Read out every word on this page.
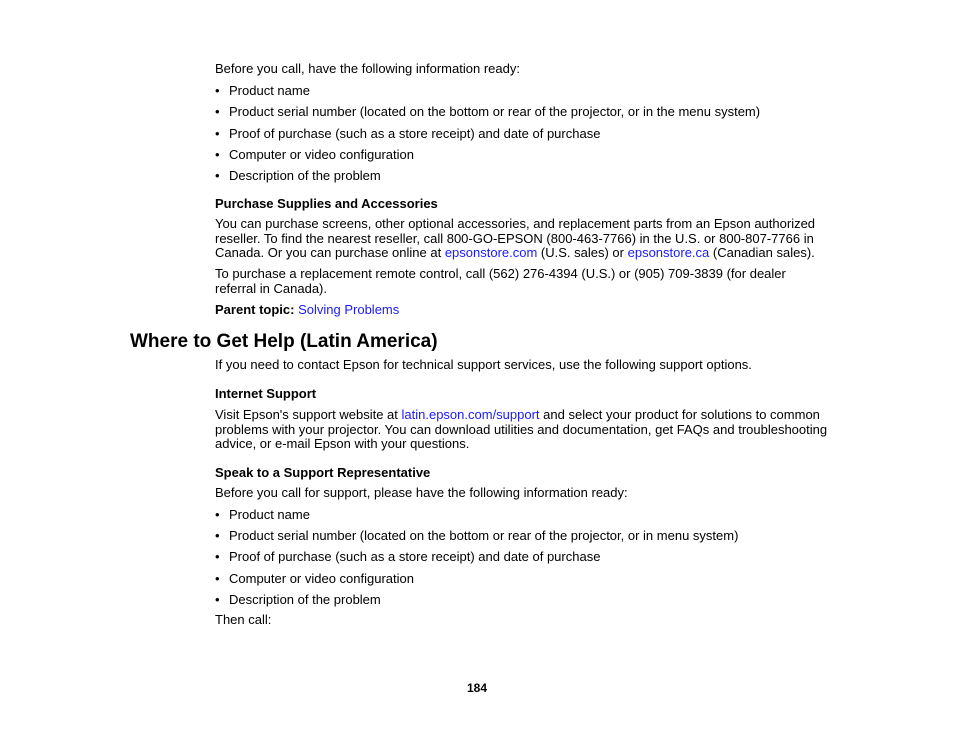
Before you call, have the following information ready:

• Product name
• Product serial number (located on the bottom or rear of the projector, or in the menu system)
• Proof of purchase (such as a store receipt) and date of purchase
• Computer or video configuration
• Description of the problem
Purchase Supplies and Accessories

You can purchase screens, other optional accessories, and replacement parts from an Epson authorized reseller. To find the nearest reseller, call 800-GO-EPSON (800-463-7766) in the U.S. or 800-807-7766 in Canada. Or you can purchase online at epsonstore.com (U.S. sales) or epsonstore.ca (Canadian sales).

To purchase a replacement remote control, call (562) 276-4394 (U.S.) or (905) 709-3839 (for dealer referral in Canada).

Parent topic: Solving Problems

Where to Get Help (Latin America)

If you need to contact Epson for technical support services, use the following support options.

Internet Support

Visit Epson's support website at latin.epson.com/support and select your product for solutions to common problems with your projector. You can download utilities and documentation, get FAQs and troubleshooting advice, or e-mail Epson with your questions.

Speak to a Support Representative

Before you call for support, please have the following information ready:

• Product name
• Product serial number (located on the bottom or rear of the projector, or in menu system)
• Proof of purchase (such as a store receipt) and date of purchase
• Computer or video configuration
• Description of the problem

Then call:

184
